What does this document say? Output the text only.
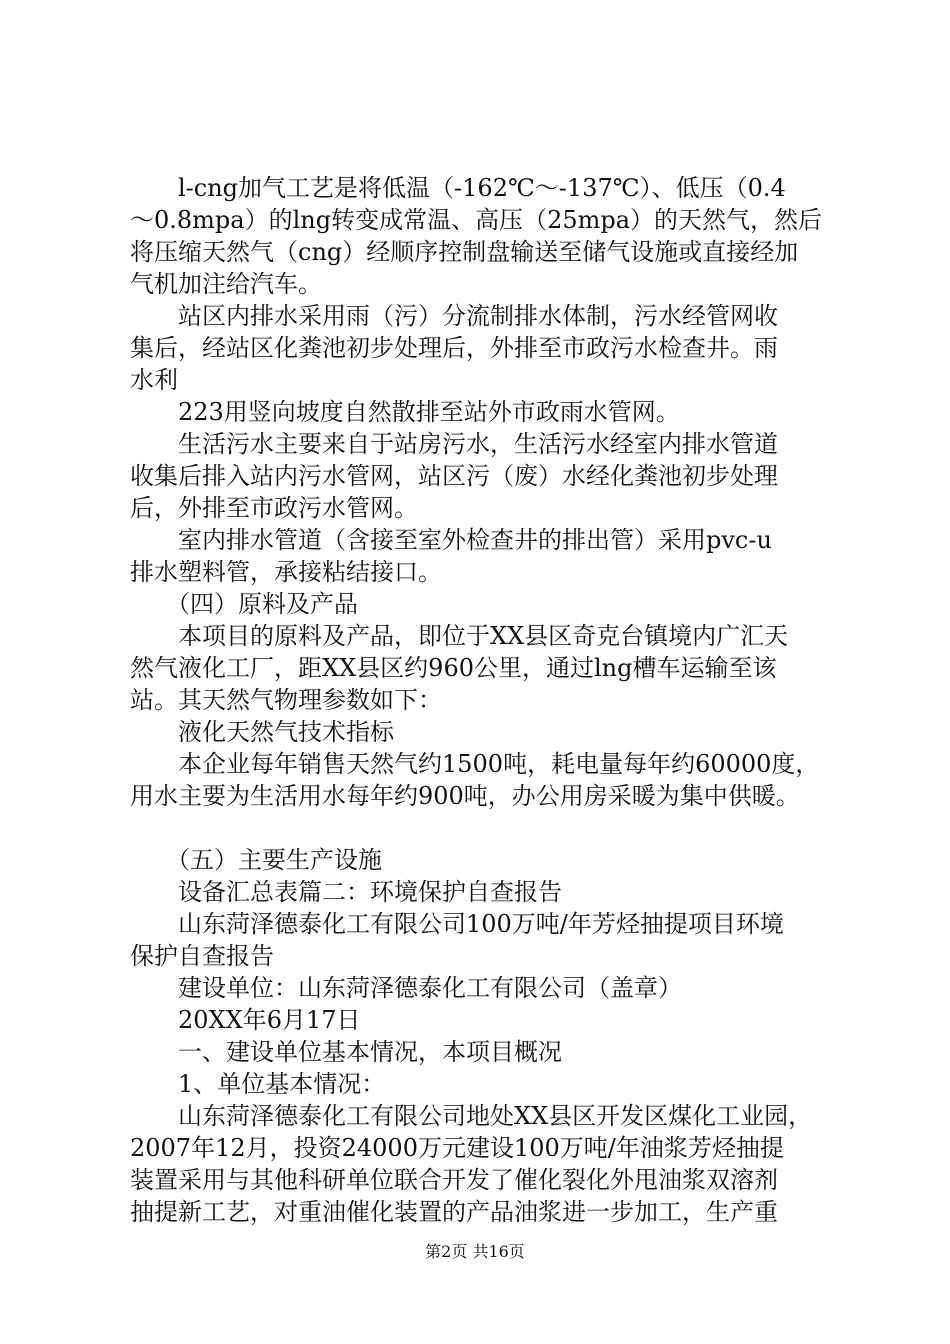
　　l-cng加气工艺是将低温（-162℃～-137℃）、低压（0.4
～0.8mpa）的lng转变成常温、高压（25mpa）的天然气，然后
将压缩天然气（cng）经顺序控制盘输送至储气设施或直接经加
气机加注给汽车。
　　站区内排水采用雨（污）分流制排水体制，污水经管网收
集后，经站区化粪池初步处理后，外排至市政污水检查井。雨
水利
　　223用竖向坡度自然散排至站外市政雨水管网。
　　生活污水主要来自于站房污水，生活污水经室内排水管道
收集后排入站内污水管网，站区污（废）水经化粪池初步处理
后，外排至市政污水管网。
　　室内排水管道（含接至室外检查井的排出管）采用pvc-u
排水塑料管，承接粘结接口。
　　（四）原料及产品
　　本项目的原料及产品，即位于XX县区奇克台镇境内广汇天
然气液化工厂，距XX县区约960公里，通过lng槽车运输至该
站。其天然气物理参数如下：
　　液化天然气技术指标
　　本企业每年销售天然气约1500吨，耗电量每年约60000度，
用水主要为生活用水每年约900吨，办公用房采暖为集中供暖。
　　（五）主要生产设施
　　设备汇总表篇二：环境保护自查报告
　　山东菏泽德泰化工有限公司100万吨/年芳烃抽提项目环境
保护自查报告
　　建设单位：山东菏泽德泰化工有限公司（盖章）
　　20XX年6月17日
　　一、建设单位基本情况，本项目概况
　　1、单位基本情况：
　　山东菏泽德泰化工有限公司地处XX县区开发区煤化工业园，
2007年12月，投资24000万元建设100万吨/年油浆芳烃抽提
装置采用与其他科研单位联合开发了催化裂化外甩油浆双溶剂
抽提新工艺，对重油催化装置的产品油浆进一步加工，生产重
第2页 共16页
